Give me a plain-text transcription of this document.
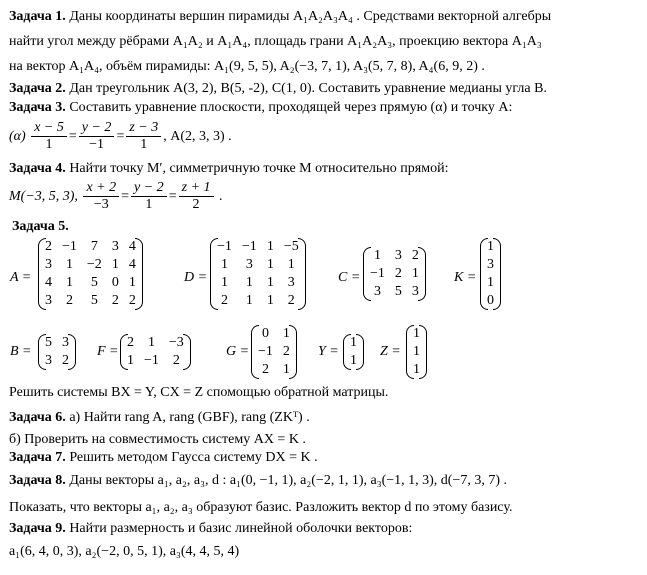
Задача 1. Даны координаты вершин пирамиды A₁A₂A₃A₄ . Средствами векторной алгебры
найти угол между рёбрами A₁A₂ и A₁A₄, площадь грани A₁A₂A₃, проекцию вектора A₁A₃
на вектор A₁A₄, объём пирамиды: A₁(9, 5, 5), A₂(−3, 7, 1), A₃(5, 7, 8), A₄(6, 9, 2) .
Задача 2. Дан треугольник A(3, 2), B(5, -2), C(1, 0). Составить уравнение медианы угла B.
Задача 3. Составить уравнение плоскости, проходящей через прямую (α) и точку A:
$(\alpha) \frac{x - 5}{1} = \frac{y - 2}{-1} = \frac{z - 3}{1}$ , A(2, 3, 3) .
Задача 4. Найти точку M′, симметричную точке M относительно прямой:
M(−3, 5, 3), $\frac{x + 2}{-3} = \frac{y - 2}{1} = \frac{z + 1}{2}$ .
Задача 5.
A =
2	−1	7	3	4
3	1	−2	1	4
4	1	5	0	1
3	2	5	2	2
D =
−1	−1	1	−5
1	3	1	1
1	1	1	3
2	1	1	2
C =
1	3	2
−1	2	1
3	5	3
K =
1
3
1
0
B =
5	3
3	2
F =
2	1	−3
1	−1	2
G =
0	1
−1	2
2	1
Y =
1
1
Z =
1
1
1
Решить системы BX = Y, CX = Z спомощью обратной матрицы.
Задача 6. а) Найти rang A, rang (GBF), rang (ZKᵀ) .
б) Проверить на совместимость систему AX = K .
Задача 7. Решить методом Гаусса систему DX = K .
Задача 8. Даны векторы a₁, a₂, a₃, d : a₁(0, −1, 1), a₂(−2, 1, 1), a₃(−1, 1, 3), d(−7, 3, 7) .
Показать, что векторы a₁, a₂, a₃ образуют базис. Разложить вектор d по этому базису.
Задача 9. Найти размерность и базис линейной оболочки векторов:
a₁(6, 4, 0, 3), a₂(−2, 0, 5, 1), a₃(4, 4, 5, 4)
